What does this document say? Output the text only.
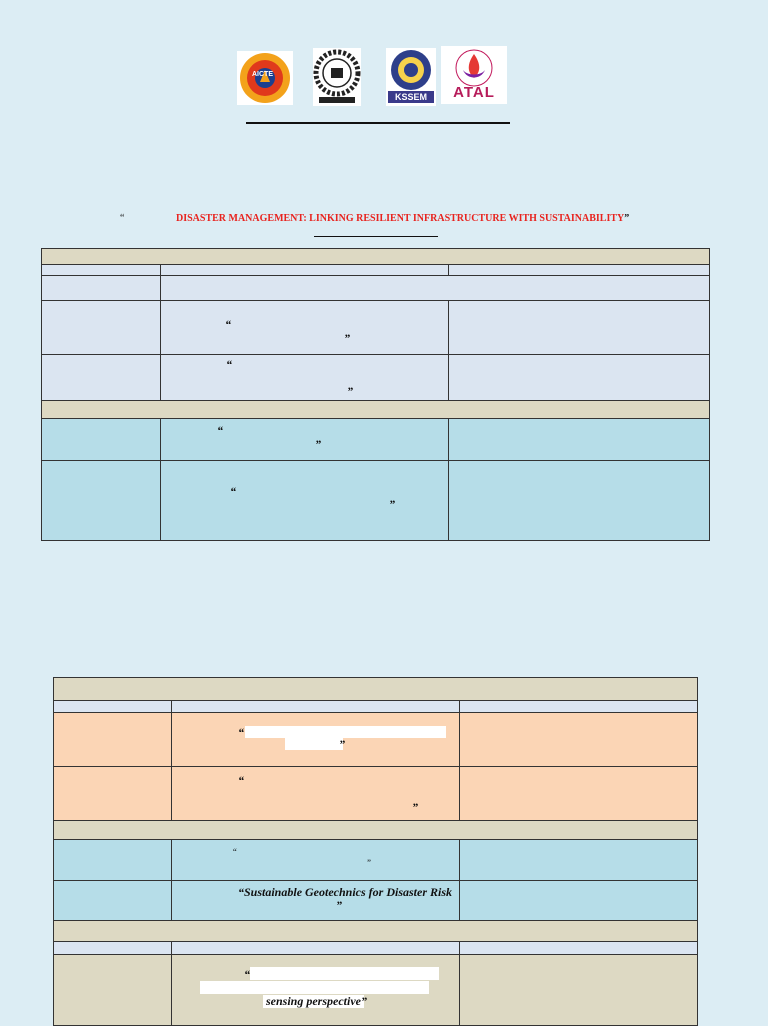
AICTE
KSSEM	ATAL
“	DISASTER MANAGEMENT: LINKING RESILIENT INFRASTRUCTURE WITH SUSTAINABILITY”
“
”
“
”
“
”
“
”
“
”
“
”
“
”
“Sustainable Geotechnics for Disaster Risk
”
“
sensing perspective”
